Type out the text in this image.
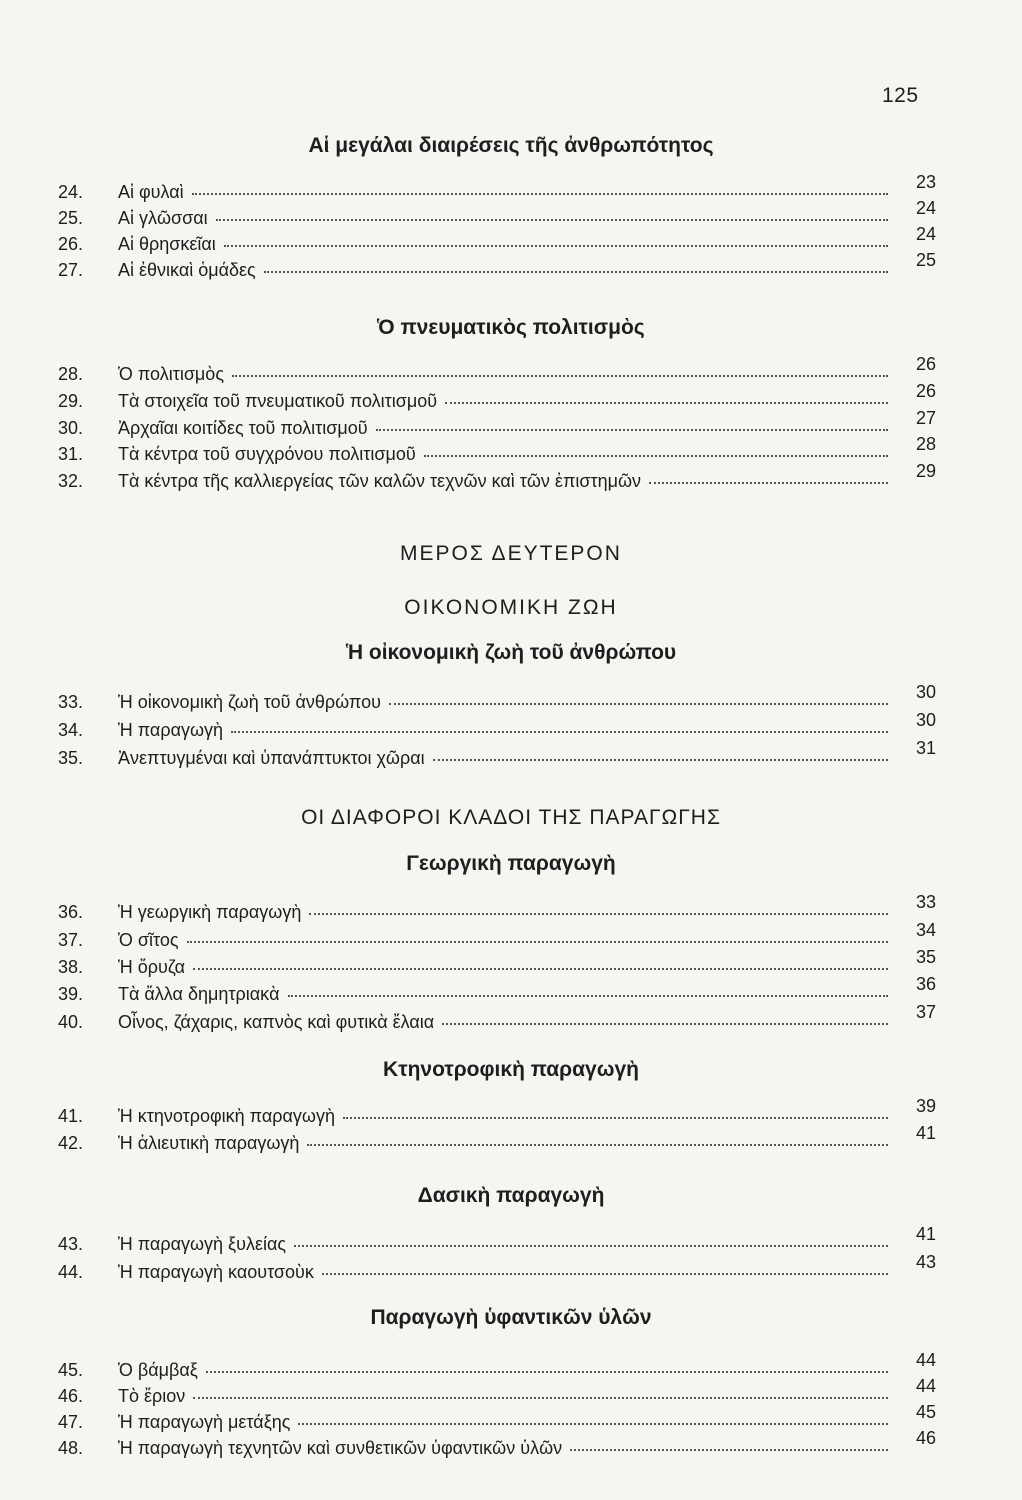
125
Αἱ μεγάλαι διαιρέσεις τῆς ἀνθρωπότητος
24.	Αἱ φυλαὶ	23
25.	Αἱ γλῶσσαι	24
26.	Αἱ θρησκεῖαι	24
27.	Αἱ ἐθνικαὶ ὁμάδες	25
Ὁ πνευματικὸς πολιτισμὸς
28.	Ὁ πολιτισμὸς	26
29.	Τὰ στοιχεῖα τοῦ πνευματικοῦ πολιτισμοῦ	26
30.	Ἀρχαῖαι κοιτίδες τοῦ πολιτισμοῦ	27
31.	Τὰ κέντρα τοῦ συγχρόνου πολιτισμοῦ	28
32.	Τὰ κέντρα τῆς καλλιεργείας τῶν καλῶν τεχνῶν καὶ τῶν ἐπιστημῶν	29
ΜΕΡΟΣ ΔΕΥΤΕΡΟΝ
ΟΙΚΟΝΟΜΙΚΗ ΖΩΗ
Ἡ οἰκονομικὴ ζωὴ τοῦ ἀνθρώπου
33.	Ἡ οἰκονομικὴ ζωὴ τοῦ ἀνθρώπου	30
34.	Ἡ παραγωγὴ	30
35.	Ἀνεπτυγμέναι καὶ ὑπανάπτυκτοι χῶραι	31
ΟΙ ΔΙΑΦΟΡΟΙ ΚΛΑΔΟΙ ΤΗΣ ΠΑΡΑΓΩΓΗΣ
Γεωργικὴ παραγωγὴ
36.	Ἡ γεωργικὴ παραγωγὴ	33
37.	Ὁ σῖτος	34
38.	Ἡ ὄρυζα	35
39.	Τὰ ἄλλα δημητριακὰ	36
40.	Οἶνος, ζάχαρις, καπνὸς καὶ φυτικὰ ἔλαια	37
Κτηνοτροφικὴ παραγωγὴ
41.	Ἡ κτηνοτροφικὴ παραγωγὴ	39
42.	Ἡ ἁλιευτικὴ παραγωγὴ	41
Δασικὴ παραγωγὴ
43.	Ἡ παραγωγὴ ξυλείας	41
44.	Ἡ παραγωγὴ καουτσοὺκ	43
Παραγωγὴ ὑφαντικῶν ὑλῶν
45.	Ὁ βάμβαξ	44
46.	Τὸ ἔριον	44
47.	Ἡ παραγωγὴ μετάξης	45
48.	Ἡ παραγωγὴ τεχνητῶν καὶ συνθετικῶν ὑφαντικῶν ὑλῶν	46
